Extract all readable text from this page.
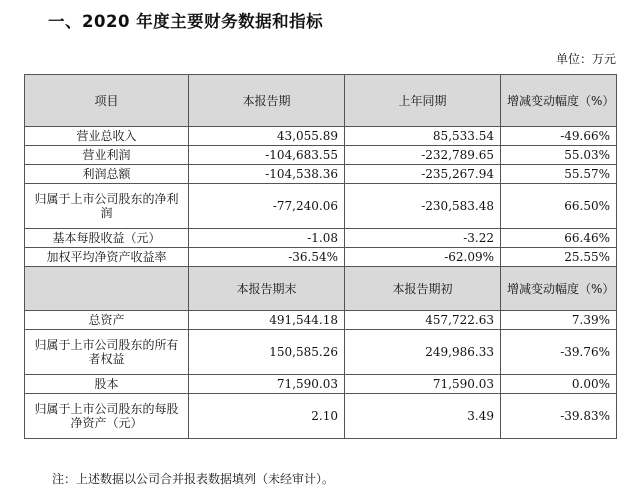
一、2020 年度主要财务数据和指标
单位：万元
项目	本报告期	上年同期	增减变动幅度（%）
营业总收入	43,055.89	85,533.54	-49.66%
营业利润	-104,683.55	-232,789.65	55.03%
利润总额	-104,538.36	-235,267.94	55.57%
归属于上市公司股东的净利润	-77,240.06	-230,583.48	66.50%
基本每股收益（元）	-1.08	-3.22	66.46%
加权平均净资产收益率	-36.54%	-62.09%	25.55%
	本报告期末	本报告期初	增减变动幅度（%）
总资产	491,544.18	457,722.63	7.39%
归属于上市公司股东的所有者权益	150,585.26	249,986.33	-39.76%
股本	71,590.03	71,590.03	0.00%
归属于上市公司股东的每股净资产（元）	2.10	3.49	-39.83%
注：上述数据以公司合并报表数据填列（未经审计）。
